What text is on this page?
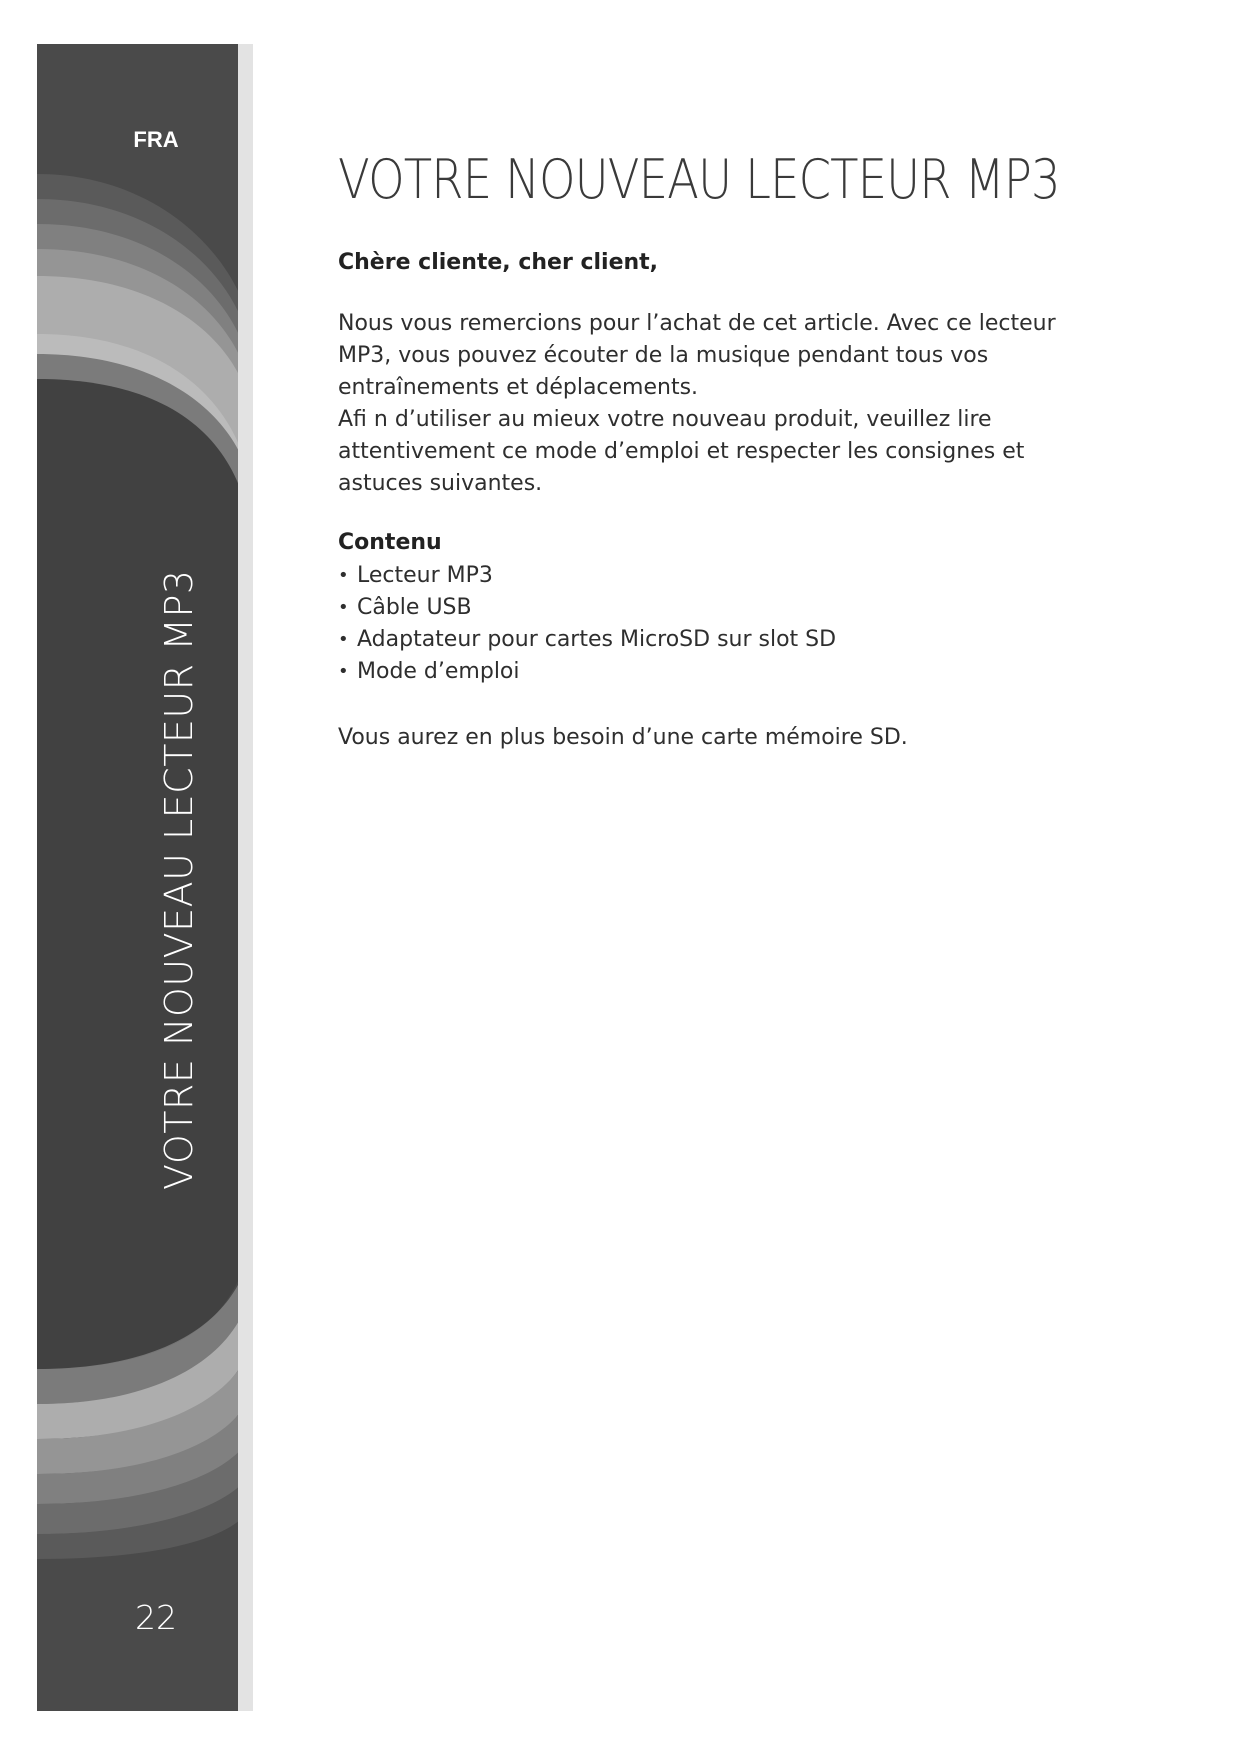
FRA
VOTRE NOUVEAU LECTEUR MP3
22
VOTRE NOUVEAU LECTEUR MP3

Chère cliente, cher client,

Nous vous remercions pour l’achat de cet article. Avec ce lecteur
MP3, vous pouvez écouter de la musique pendant tous vos
entraînements et déplacements.
Afi n d’utiliser au mieux votre nouveau produit, veuillez lire
attentivement ce mode d’emploi et respecter les consignes et
astuces suivantes.

Contenu

• Lecteur MP3
• Câble USB
• Adaptateur pour cartes MicroSD sur slot SD
• Mode d’emploi

Vous aurez en plus besoin d’une carte mémoire SD.
